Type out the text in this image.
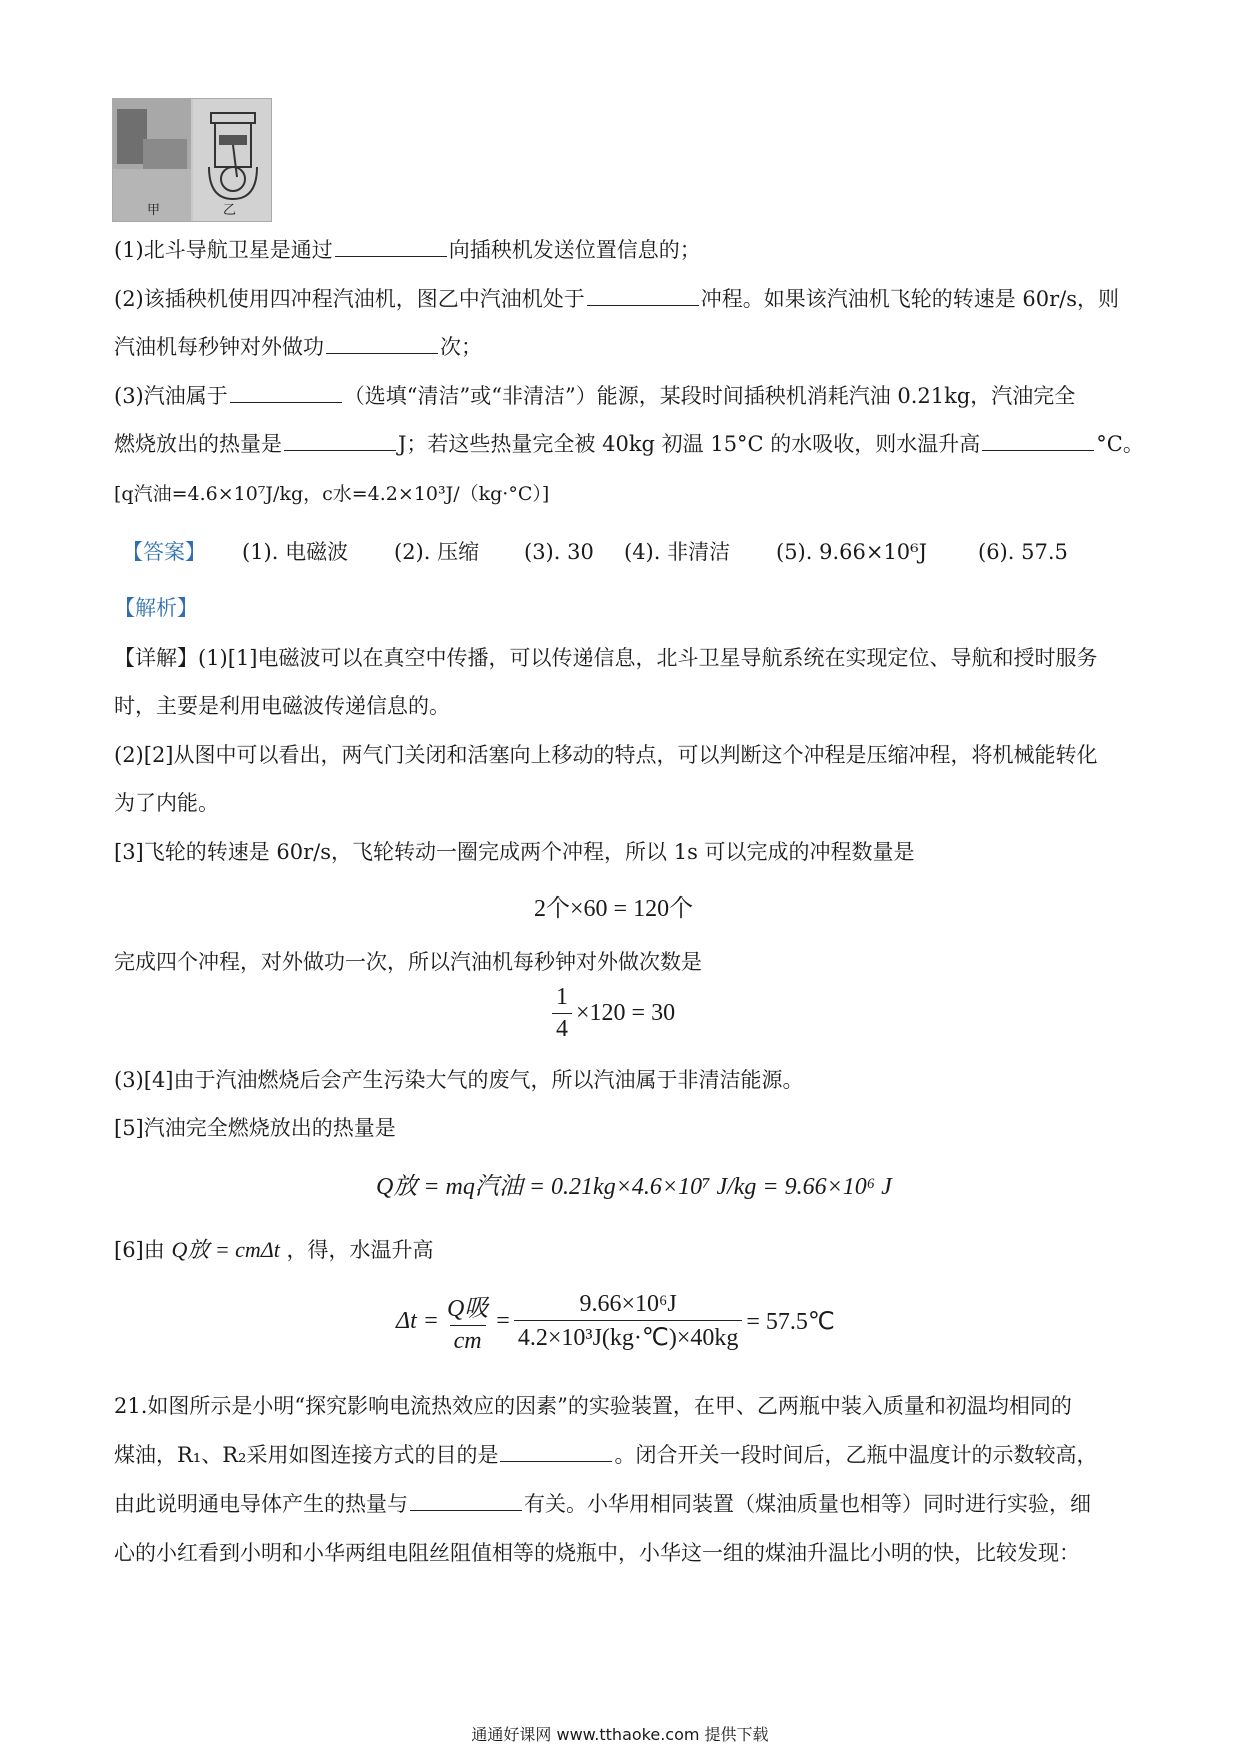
甲	乙
(1)北斗导航卫星是通过	向插秧机发送位置信息的；
(2)该插秧机使用四冲程汽油机，图乙中汽油机处于	冲程。如果该汽油机飞轮的转速是 60r/s，则
汽油机每秒钟对外做功	次；
(3)汽油属于	（选填“清洁”或“非清洁”）能源，某段时间插秧机消耗汽油 0.21kg，汽油完全
燃烧放出的热量是	J；若这些热量完全被 40kg 初温 15°C 的水吸收，则水温升高	°C。
[q汽油=4.6×10⁷J/kg，c水=4.2×10³J/（kg·°C）]
【答案】 (1). 电磁波 (2). 压缩 (3). 30 (4). 非清洁 (5). 9.66×10⁶J (6). 57.5
【解析】
【详解】(1)[1]电磁波可以在真空中传播，可以传递信息，北斗卫星导航系统在实现定位、导航和授时服务
时，主要是利用电磁波传递信息的。
(2)[2]从图中可以看出，两气门关闭和活塞向上移动的特点，可以判断这个冲程是压缩冲程，将机械能转化
为了内能。
[3]飞轮的转速是 60r/s，飞轮转动一圈完成两个冲程，所以 1s 可以完成的冲程数量是
2个×60 = 120个
完成四个冲程，对外做功一次，所以汽油机每秒钟对外做次数是
$\frac{1}{4} \times 120 = 30$
(3)[4]由于汽油燃烧后会产生污染大气的废气，所以汽油属于非清洁能源。
[5]汽油完全燃烧放出的热量是
Q放 = mq汽油 = 0.21kg×4.6×10⁷ J/kg = 9.66×10⁶ J
[6]由 Q放 = cmΔt ，得，水温升高
$\Delta t = \frac{\text{Q吸}}{cm} = \frac{\text{9.66×10⁶J}}{\text{4.2×10³J(kg·℃)×40kg}}$ = 57.5℃
21.如图所示是小明“探究影响电流热效应的因素”的实验装置，在甲、乙两瓶中装入质量和初温均相同的
煤油，R₁、R₂采用如图连接方式的目的是	。闭合开关一段时间后，乙瓶中温度计的示数较高，
由此说明通电导体产生的热量与	有关。小华用相同装置（煤油质量也相等）同时进行实验，细
心的小红看到小明和小华两组电阻丝阻值相等的烧瓶中，小华这一组的煤油升温比小明的快，比较发现：
通通好课网 www.tthaoke.com 提供下载
